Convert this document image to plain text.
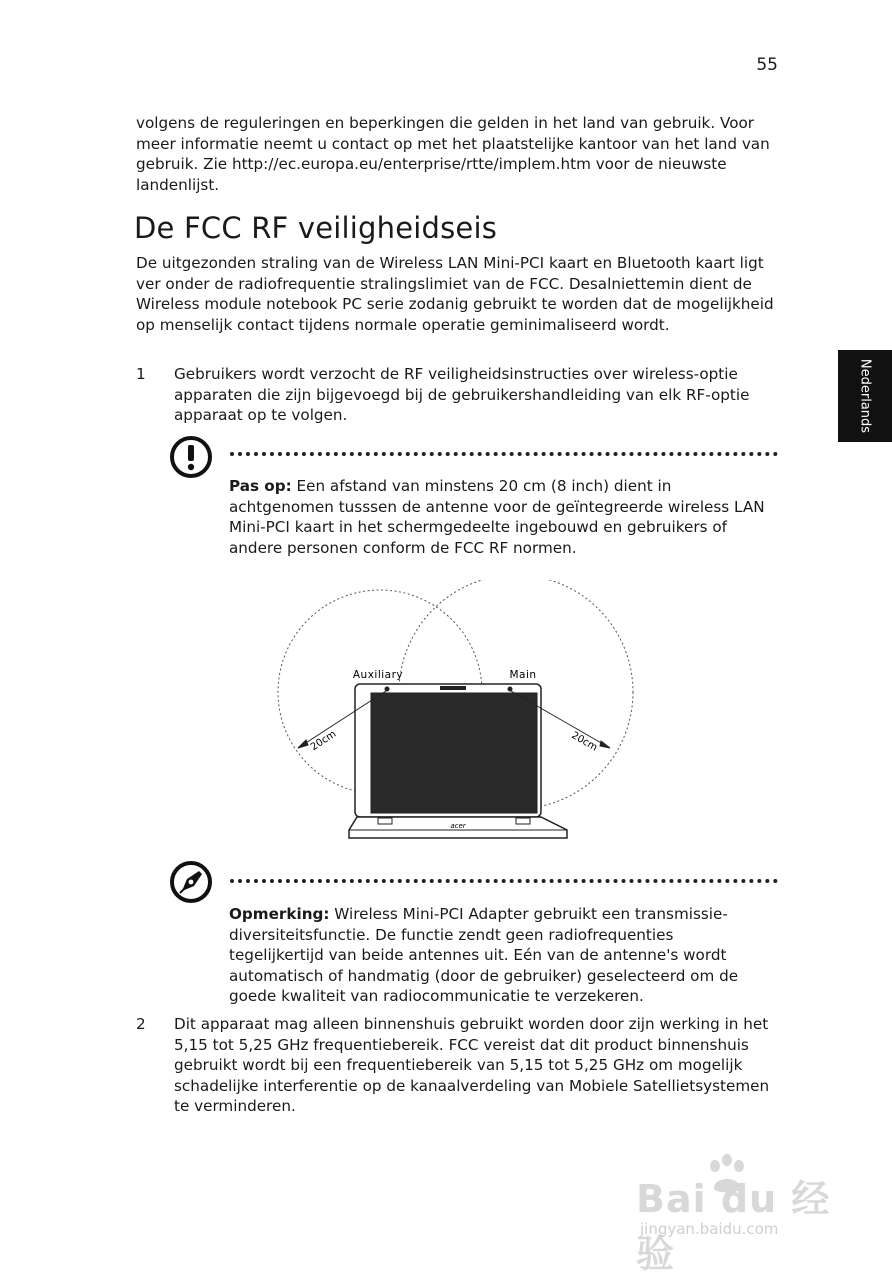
55

volgens de reguleringen en beperkingen die gelden in het land van gebruik. Voor meer informatie neemt u contact op met het plaatstelijke kantoor van het land van gebruik. Zie http://ec.europa.eu/enterprise/rtte/implem.htm voor de nieuwste landenlijst.

De FCC RF veiligheidseis

De uitgezonden straling van de Wireless LAN Mini-PCI kaart en Bluetooth kaart ligt ver onder de radiofrequentie stralingslimiet van de FCC. Desalniettemin dient de Wireless module notebook PC serie zodanig gebruikt te worden dat de mogelijkheid op menselijk contact tijdens normale operatie geminimaliseerd wordt.

1 Gebruikers wordt verzocht de RF veiligheidsinstructies over wireless-optie apparaten die zijn bijgevoegd bij de gebruikershandleiding van elk RF-optie apparaat op te volgen.

Pas op: Een afstand van minstens 20 cm (8 inch) dient in achtgenomen tusssen de antenne voor de geïntegreerde wireless LAN Mini-PCI kaart in het schermgedeelte ingebouwd en gebruikers of andere personen conform de FCC RF normen.

acer
Auxiliary	Main
20cm	20cm

Opmerking: Wireless Mini-PCI Adapter gebruikt een transmissie-diversiteitsfunctie. De functie zendt geen radiofrequenties tegelijkertijd van beide antennes uit. Eén van de antenne's wordt automatisch of handmatig (door de gebruiker) geselecteerd om de goede kwaliteit van radiocommunicatie te verzekeren.

2 Dit apparaat mag alleen binnenshuis gebruikt worden door zijn werking in het 5,15 tot 5,25 GHz frequentiebereik. FCC vereist dat dit product binnenshuis gebruikt wordt bij een frequentiebereik van 5,15 tot 5,25 GHz om mogelijk schadelijke interferentie op de kanaalverdeling van Mobiele Satellietsystemen te verminderen.
Nederlands
Bai du 经验
jingyan.baidu.com
